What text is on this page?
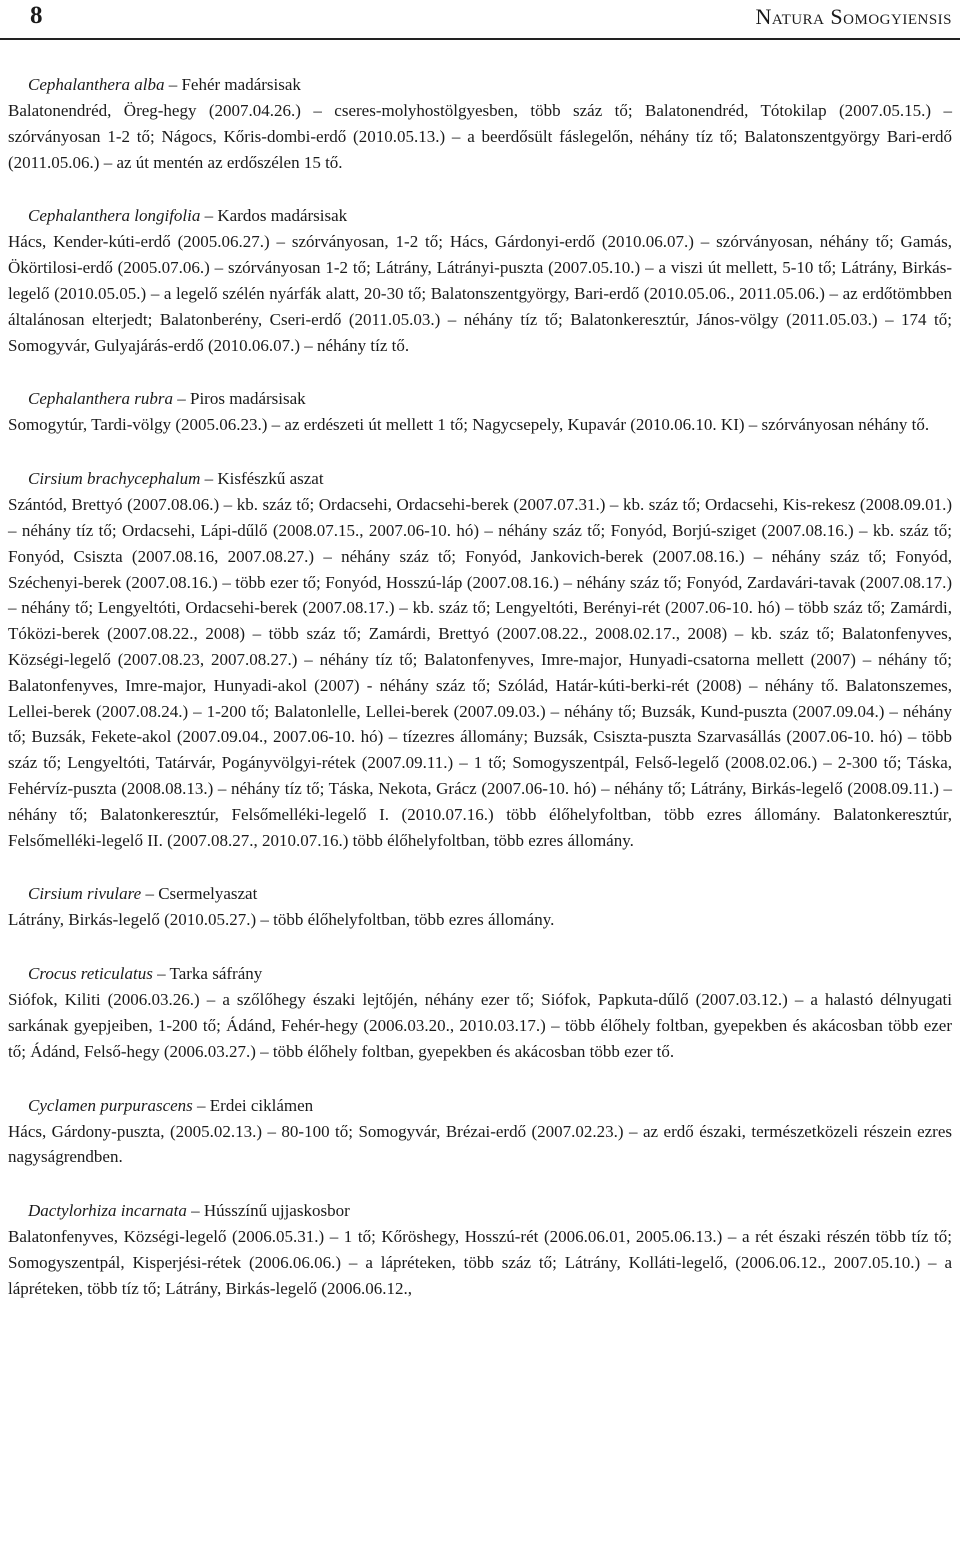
8	Natura Somogyiensis
Cephalanthera alba – Fehér madársisak

Balatonendréd, Öreg-hegy (2007.04.26.) – cseres-molyhostölgyesben, több száz tő; Balatonendréd, Tótokilap (2007.05.15.) – szórványosan 1-2 tő; Nágocs, Kőris-dombi-erdő (2010.05.13.) – a beerdősült fáslegelőn, néhány tíz tő; Balatonszentgyörgy Bari-erdő (2011.05.06.) – az út mentén az erdőszélen 15 tő.

Cephalanthera longifolia – Kardos madársisak

Hács, Kender-kúti-erdő (2005.06.27.) – szórványosan, 1-2 tő; Hács, Gárdonyi-erdő (2010.06.07.) – szórványosan, néhány tő; Gamás, Ökörtilosi-erdő (2005.07.06.) – szórványosan 1-2 tő; Látrány, Látrányi-puszta (2007.05.10.) – a viszi út mellett, 5-10 tő; Látrány, Birkás-legelő (2010.05.05.) – a legelő szélén nyárfák alatt, 20-30 tő; Balatonszentgyörgy, Bari-erdő (2010.05.06., 2011.05.06.) – az erdőtömbben általánosan elterjedt; Balatonberény, Cseri-erdő (2011.05.03.) – néhány tíz tő; Balatonkeresztúr, János-völgy (2011.05.03.) – 174 tő; Somogyvár, Gulyajárás-erdő (2010.06.07.) – néhány tíz tő.

Cephalanthera rubra – Piros madársisak

Somogytúr, Tardi-völgy (2005.06.23.) – az erdészeti út mellett 1 tő; Nagycsepely, Kupavár (2010.06.10. KI) – szórványosan néhány tő.

Cirsium brachycephalum – Kisfészkű aszat

Szántód, Brettyó (2007.08.06.) – kb. száz tő; Ordacsehi, Ordacsehi-berek (2007.07.31.) – kb. száz tő; Ordacsehi, Kis-rekesz (2008.09.01.) – néhány tíz tő; Ordacsehi, Lápi-dűlő (2008.07.15., 2007.06-10. hó) – néhány száz tő; Fonyód, Borjú-sziget (2007.08.16.) – kb. száz tő; Fonyód, Csiszta (2007.08.16, 2007.08.27.) – néhány száz tő; Fonyód, Jankovich-berek (2007.08.16.) – néhány száz tő; Fonyód, Széchenyi-berek (2007.08.16.) – több ezer tő; Fonyód, Hosszú-láp (2007.08.16.) – néhány száz tő; Fonyód, Zardavári-tavak (2007.08.17.) – néhány tő; Lengyeltóti, Ordacsehi-berek (2007.08.17.) – kb. száz tő; Lengyeltóti, Berényi-rét (2007.06-10. hó) – több száz tő; Zamárdi, Tóközi-berek (2007.08.22., 2008) – több száz tő; Zamárdi, Brettyó (2007.08.22., 2008.02.17., 2008) – kb. száz tő; Balatonfenyves, Községi-legelő (2007.08.23, 2007.08.27.) – néhány tíz tő; Balatonfenyves, Imre-major, Hunyadi-csatorna mellett (2007) – néhány tő; Balatonfenyves, Imre-major, Hunyadi-akol (2007) - néhány száz tő; Szólád, Határ-kúti-berki-rét (2008) – néhány tő. Balatonszemes, Lellei-berek (2007.08.24.) – 1-200 tő; Balatonlelle, Lellei-berek (2007.09.03.) – néhány tő; Buzsák, Kund-puszta (2007.09.04.) – néhány tő; Buzsák, Fekete-akol (2007.09.04., 2007.06-10. hó) – tízezres állomány; Buzsák, Csiszta-puszta Szarvasállás (2007.06-10. hó) – több száz tő; Lengyeltóti, Tatárvár, Pogányvölgyi-rétek (2007.09.11.) – 1 tő; Somogyszentpál, Felső-legelő (2008.02.06.) – 2-300 tő; Táska, Fehérvíz-puszta (2008.08.13.) – néhány tíz tő; Táska, Nekota, Grácz (2007.06-10. hó) – néhány tő; Látrány, Birkás-legelő (2008.09.11.) – néhány tő; Balatonkeresztúr, Felsőmelléki-legelő I. (2010.07.16.) több élőhelyfoltban, több ezres állomány. Balatonkeresztúr, Felsőmelléki-legelő II. (2007.08.27., 2010.07.16.) több élőhelyfoltban, több ezres állomány.

Cirsium rivulare – Csermelyaszat

Látrány, Birkás-legelő (2010.05.27.) – több élőhelyfoltban, több ezres állomány.

Crocus reticulatus – Tarka sáfrány

Siófok, Kiliti (2006.03.26.) – a szőlőhegy északi lejtőjén, néhány ezer tő; Siófok, Papkuta-dűlő (2007.03.12.) – a halastó délnyugati sarkának gyepjeiben, 1-200 tő; Ádánd, Fehér-hegy (2006.03.20., 2010.03.17.) – több élőhely foltban, gyepekben és akácosban több ezer tő; Ádánd, Felső-hegy (2006.03.27.) – több élőhely foltban, gyepekben és akácosban több ezer tő.

Cyclamen purpurascens – Erdei ciklámen

Hács, Gárdony-puszta, (2005.02.13.) – 80-100 tő; Somogyvár, Brézai-erdő (2007.02.23.) – az erdő északi, természetközeli részein ezres nagyságrendben.

Dactylorhiza incarnata – Hússzínű ujjaskosbor

Balatonfenyves, Községi-legelő (2006.05.31.) – 1 tő; Kőröshegy, Hosszú-rét (2006.06.01, 2005.06.13.) – a rét északi részén több tíz tő; Somogyszentpál, Kisperjési-rétek (2006.06.06.) – a lápréteken, több száz tő; Látrány, Kolláti-legelő, (2006.06.12., 2007.05.10.) – a lápréteken, több tíz tő; Látrány, Birkás-legelő (2006.06.12.,
